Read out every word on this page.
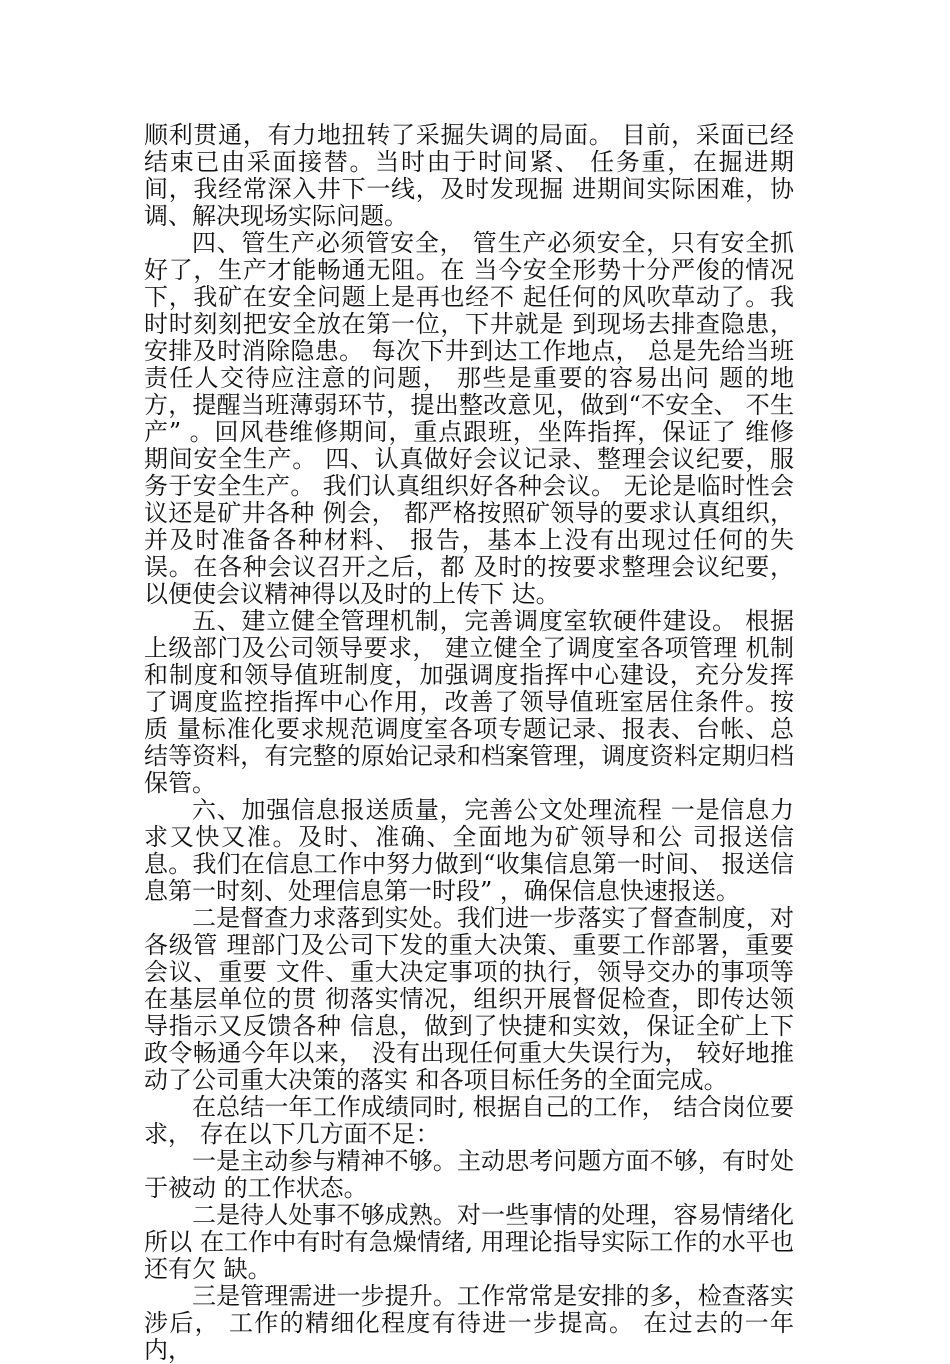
顺利贯通，有力地扭转了采掘失调的局面。 目前，采面已经结束已由采面接替。当时由于时间紧、 任务重，在掘进期间，我经常深入井下一线，及时发现掘 进期间实际困难，协调、解决现场实际问题。

四、管生产必须管安全， 管生产必须安全，只有安全抓好了，生产才能畅通无阻。在 当今安全形势十分严俊的情况下，我矿在安全问题上是再也经不 起任何的风吹草动了。我时时刻刻把安全放在第一位，下井就是 到现场去排查隐患， 安排及时消除隐患。 每次下井到达工作地点， 总是先给当班责任人交待应注意的问题， 那些是重要的容易出问 题的地方，提醒当班薄弱环节，提出整改意见，做到“不安全、 不生产” 。回风巷维修期间，重点跟班，坐阵指挥，保证了 维修期间安全生产。 四、认真做好会议记录、整理会议纪要，服务于安全生产。 我们认真组织好各种会议。 无论是临时性会议还是矿井各种 例会， 都严格按照矿领导的要求认真组织， 并及时准备各种材料、 报告，基本上没有出现过任何的失误。在各种会议召开之后，都 及时的按要求整理会议纪要， 以便使会议精神得以及时的上传下 达。

五、建立健全管理机制，完善调度室软硬件建设。 根据上级部门及公司领导要求， 建立健全了调度室各项管理 机制和制度和领导值班制度，加强调度指挥中心建设，充分发挥 了调度监控指挥中心作用，改善了领导值班室居住条件。按 质 量标准化要求规范调度室各项专题记录、报表、台帐、总结等资料，有完整的原始记录和档案管理，调度资料定期归档保管。

六、加强信息报送质量，完善公文处理流程 一是信息力求又快又准。及时、准确、全面地为矿领导和公 司报送信息。我们在信息工作中努力做到“收集信息第一时间、 报送信息第一时刻、处理信息第一时段” ，确保信息快速报送。

二是督查力求落到实处。我们进一步落实了督查制度，对各级管 理部门及公司下发的重大决策、重要工作部署，重要会议、重要 文件、重大决定事项的执行，领导交办的事项等在基层单位的贯 彻落实情况，组织开展督促检查，即传达领导指示又反馈各种 信息，做到了快捷和实效，保证全矿上下政令畅通今年以来， 没有出现任何重大失误行为， 较好地推动了公司重大决策的落实 和各项目标任务的全面完成。

在总结一年工作成绩同时, 根据自己的工作， 结合岗位要求， 存在以下几方面不足：

一是主动参与精神不够。主动思考问题方面不够，有时处于被动 的工作状态。

二是待人处事不够成熟。对一些事情的处理，容易情绪化所以 在工作中有时有急燥情绪, 用理论指导实际工作的水平也还有欠 缺。

三是管理需进一步提升。工作常常是安排的多，检查落实涉后， 工作的精细化程度有待进一步提高。 在过去的一年内，
